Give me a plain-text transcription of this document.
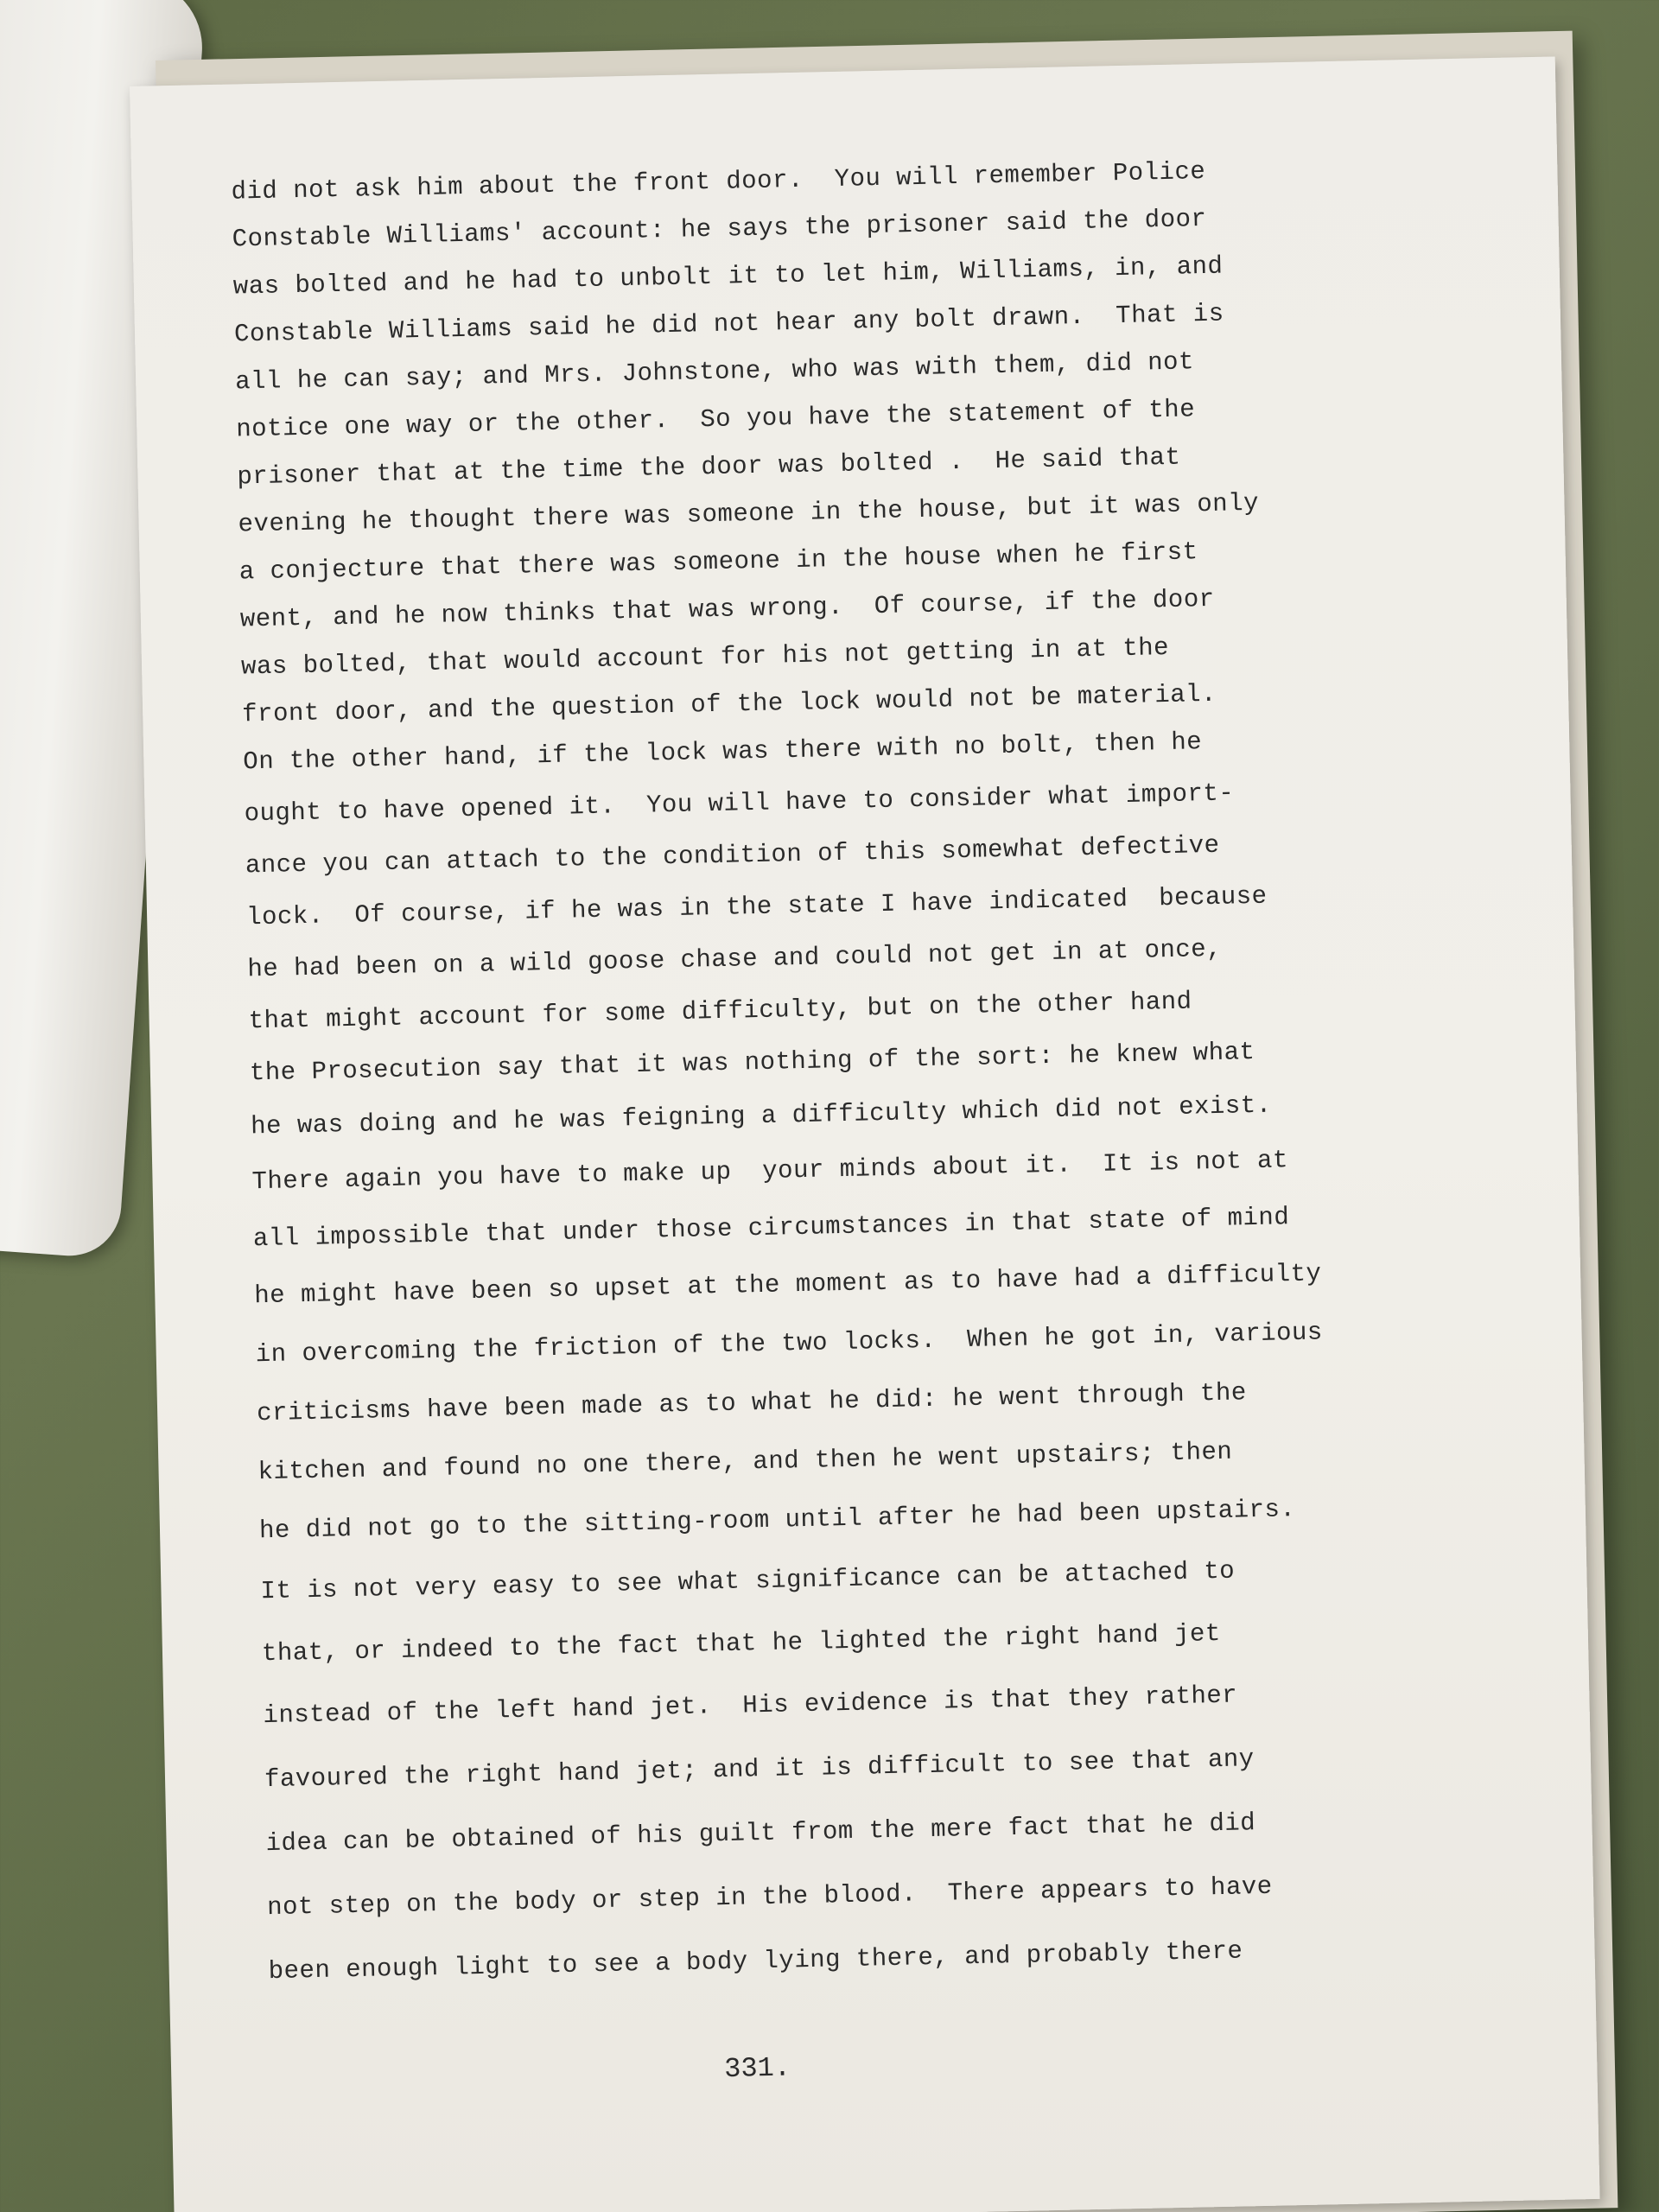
did not ask him about the front door.  You will remember Police
Constable Williams' account: he says the prisoner said the door
was bolted and he had to unbolt it to let him, Williams, in, and
Constable Williams said he did not hear any bolt drawn.  That is
all he can say; and Mrs. Johnstone, who was with them, did not
notice one way or the other.  So you have the statement of the
prisoner that at the time the door was bolted .  He said that
evening he thought there was someone in the house, but it was only
a conjecture that there was someone in the house when he first
went, and he now thinks that was wrong.  Of course, if the door
was bolted, that would account for his not getting in at the
front door, and the question of the lock would not be material.
On the other hand, if the lock was there with no bolt, then he
ought to have opened it.  You will have to consider what import-
ance you can attach to the condition of this somewhat defective
lock.  Of course, if he was in the state I have indicated  because
he had been on a wild goose chase and could not get in at once,
that might account for some difficulty, but on the other hand
the Prosecution say that it was nothing of the sort: he knew what
he was doing and he was feigning a difficulty which did not exist.
There again you have to make up  your minds about it.  It is not at
all impossible that under those circumstances in that state of mind
he might have been so upset at the moment as to have had a difficulty
in overcoming the friction of the two locks.  When he got in, various
criticisms have been made as to what he did: he went through the
kitchen and found no one there, and then he went upstairs; then
he did not go to the sitting-room until after he had been upstairs.
It is not very easy to see what significance can be attached to
that, or indeed to the fact that he lighted the right hand jet
instead of the left hand jet.  His evidence is that they rather
favoured the right hand jet; and it is difficult to see that any
idea can be obtained of his guilt from the mere fact that he did
not step on the body or step in the blood.  There appears to have
been enough light to see a body lying there, and probably there
331.
